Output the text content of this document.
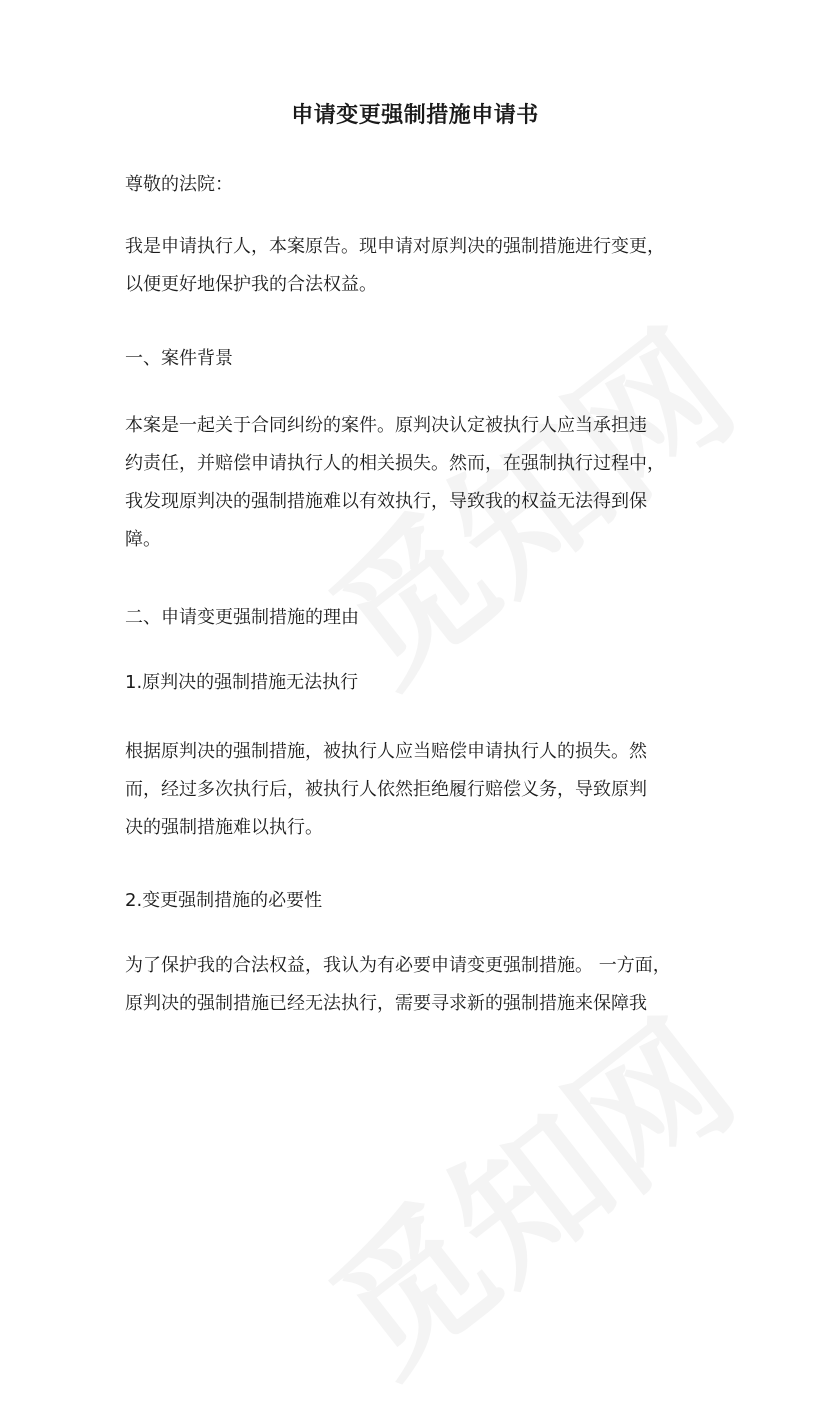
申请变更强制措施申请书

尊敬的法院：

我是申请执行人，本案原告。现申请对原判决的强制措施进行变更，
以便更好地保护我的合法权益。

一、案件背景

本案是一起关于合同纠纷的案件。原判决认定被执行人应当承担违
约责任，并赔偿申请执行人的相关损失。然而，在强制执行过程中，
我发现原判决的强制措施难以有效执行，导致我的权益无法得到保
障。

二、申请变更强制措施的理由

1.原判决的强制措施无法执行

根据原判决的强制措施，被执行人应当赔偿申请执行人的损失。然
而，经过多次执行后，被执行人依然拒绝履行赔偿义务，导致原判
决的强制措施难以执行。

2.变更强制措施的必要性

为了保护我的合法权益，我认为有必要申请变更强制措施。 一方面，
原判决的强制措施已经无法执行，需要寻求新的强制措施来保障我
